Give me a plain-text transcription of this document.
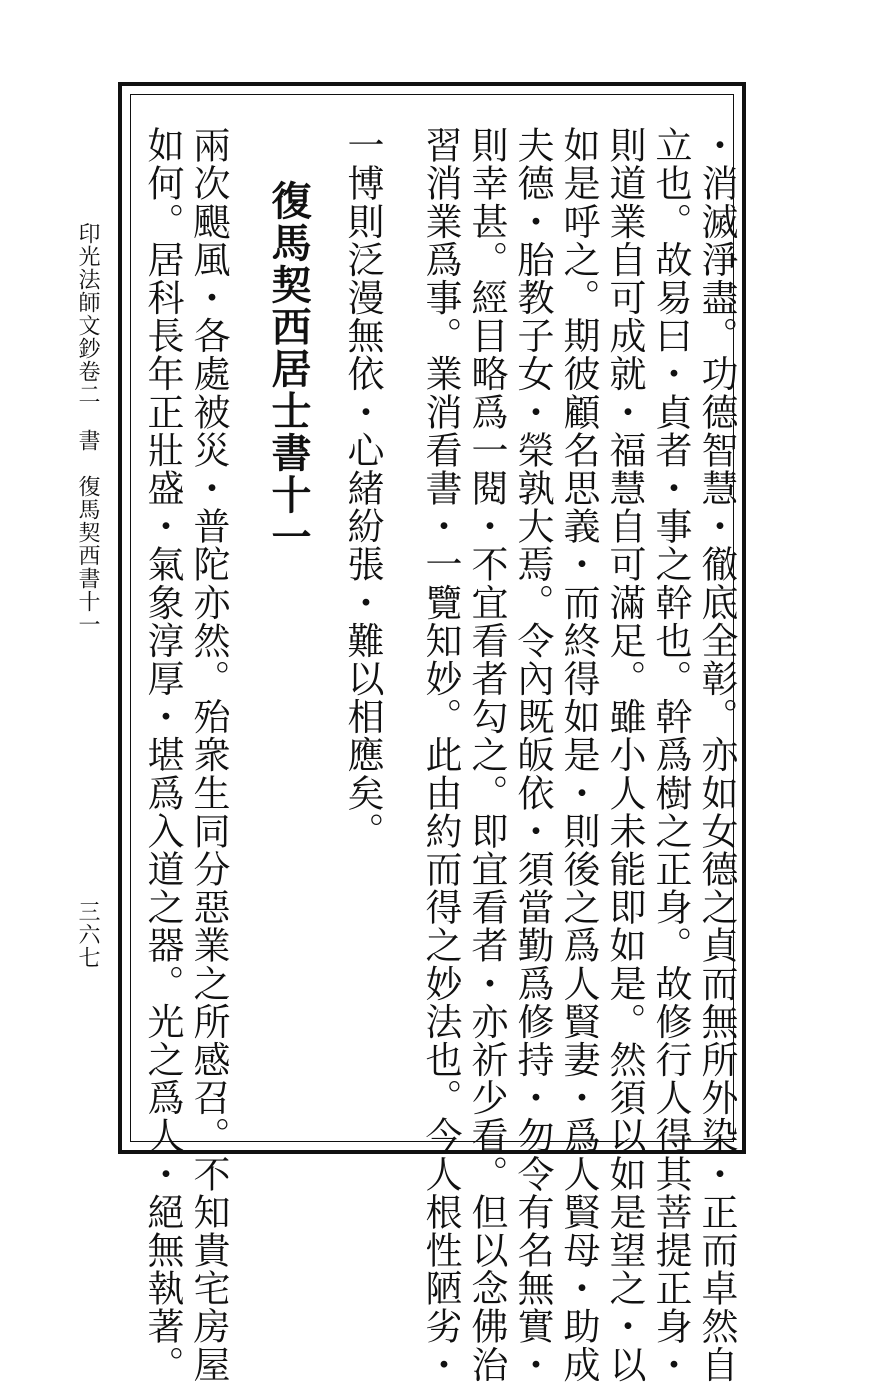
・消滅淨盡。功德智慧・徹底全彰。亦如女德之貞而無所外染・正而卓然自
立也。故易曰・貞者・事之幹也。幹爲樹之正身。故修行人得其菩提正身・
則道業自可成就・福慧自可滿足。雖小人未能即如是。然須以如是望之・以
如是呼之。期彼顧名思義・而終得如是・則後之爲人賢妻・爲人賢母・助成
夫德・胎教子女・榮孰大焉。令內既皈依・須當勤爲修持・勿令有名無實・
則幸甚。經目略爲一閱・不宜看者勾之。即宜看者・亦祈少看。但以念佛治
習消業爲事。業消看書・一覽知妙。此由約而得之妙法也。今人根性陋劣・
一博則泛漫無依・心緒紛張・難以相應矣。
復馬契西居士書十一
兩次颶風・各處被災・普陀亦然。殆衆生同分惡業之所感召。不知貴宅房屋
如何。居科長年正壯盛・氣象淳厚・堪爲入道之器。光之爲人・絕無執著。
印光法師文鈔卷二　書　復馬契西書十一
三六七
